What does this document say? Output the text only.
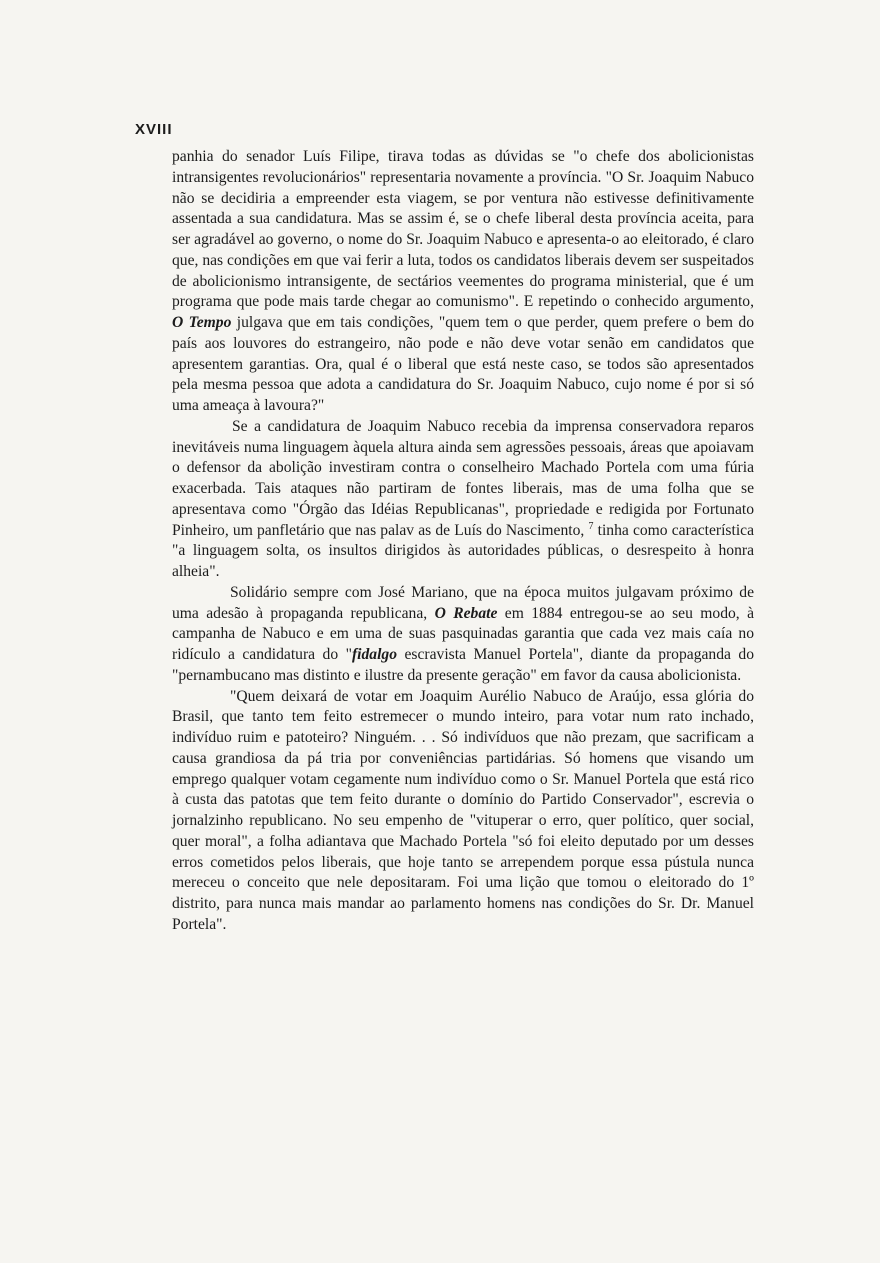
XVIII

panhia do senador Luís Filipe, tirava todas as dúvidas se "o chefe dos abolicionistas intransigentes revolucionários" representaria novamente a província. "O Sr. Joaquim Nabuco não se decidiria a empreender esta viagem, se por ventura não estivesse definitivamente assentada a sua candidatura. Mas se assim é, se o chefe liberal desta província aceita, para ser agradável ao governo, o nome do Sr. Joaquim Nabuco e apresenta-o ao eleitorado, é claro que, nas condições em que vai ferir a luta, todos os candidatos liberais devem ser suspeitados de abolicionismo intransigente, de sectários veementes do programa ministerial, que é um programa que pode mais tarde chegar ao comunismo". E repetindo o conhecido argumento, O Tempo julgava que em tais condições, "quem tem o que perder, quem prefere o bem do país aos louvores do estrangeiro, não pode e não deve votar senão em candidatos que apresentem garantias. Ora, qual é o liberal que está neste caso, se todos são apresentados pela mesma pessoa que adota a candidatura do Sr. Joaquim Nabuco, cujo nome é por si só uma ameaça à lavoura?"

Se a candidatura de Joaquim Nabuco recebia da imprensa conservadora reparos inevitáveis numa linguagem àquela altura ainda sem agressões pessoais, áreas que apoiavam o defensor da abolição investiram contra o conselheiro Machado Portela com uma fúria exacerbada. Tais ataques não partiram de fontes liberais, mas de uma folha que se apresentava como "Órgão das Idéias Republicanas", propriedade e redigida por Fortunato Pinheiro, um panfletário que nas palav as de Luís do Nascimento, $^7$ tinha como característica "a linguagem solta, os insultos dirigidos às autoridades públicas, o desrespeito à honra alheia".

Solidário sempre com José Mariano, que na época muitos julgavam próximo de uma adesão à propaganda republicana, O Rebate em 1884 entregou-se ao seu modo, à campanha de Nabuco e em uma de suas pasquinadas garantia que cada vez mais caía no ridículo a candidatura do "fidalgo escravista Manuel Portela", diante da propaganda do "pernambucano mas distinto e ilustre da presente geração" em favor da causa abolicionista.

"Quem deixará de votar em Joaquim Aurélio Nabuco de Araújo, essa glória do Brasil, que tanto tem feito estremecer o mundo inteiro, para votar num rato inchado, indivíduo ruim e patoteiro? Ninguém. . . Só indivíduos que não prezam, que sacrificam a causa grandiosa da pá tria por conveniências partidárias. Só homens que visando um emprego qualquer votam cegamente num indivíduo como o Sr. Manuel Portela que está rico à custa das patotas que tem feito durante o domínio do Partido Conservador", escrevia o jornalzinho republicano. No seu empenho de "vituperar o erro, quer político, quer social, quer moral", a folha adiantava que Machado Portela "só foi eleito deputado por um desses erros cometidos pelos liberais, que hoje tanto se arrependem porque essa pústula nunca mereceu o conceito que nele depositaram. Foi uma lição que tomou o eleitorado do 1º distrito, para nunca mais mandar ao parlamento homens nas condições do Sr. Dr. Manuel Portela".
